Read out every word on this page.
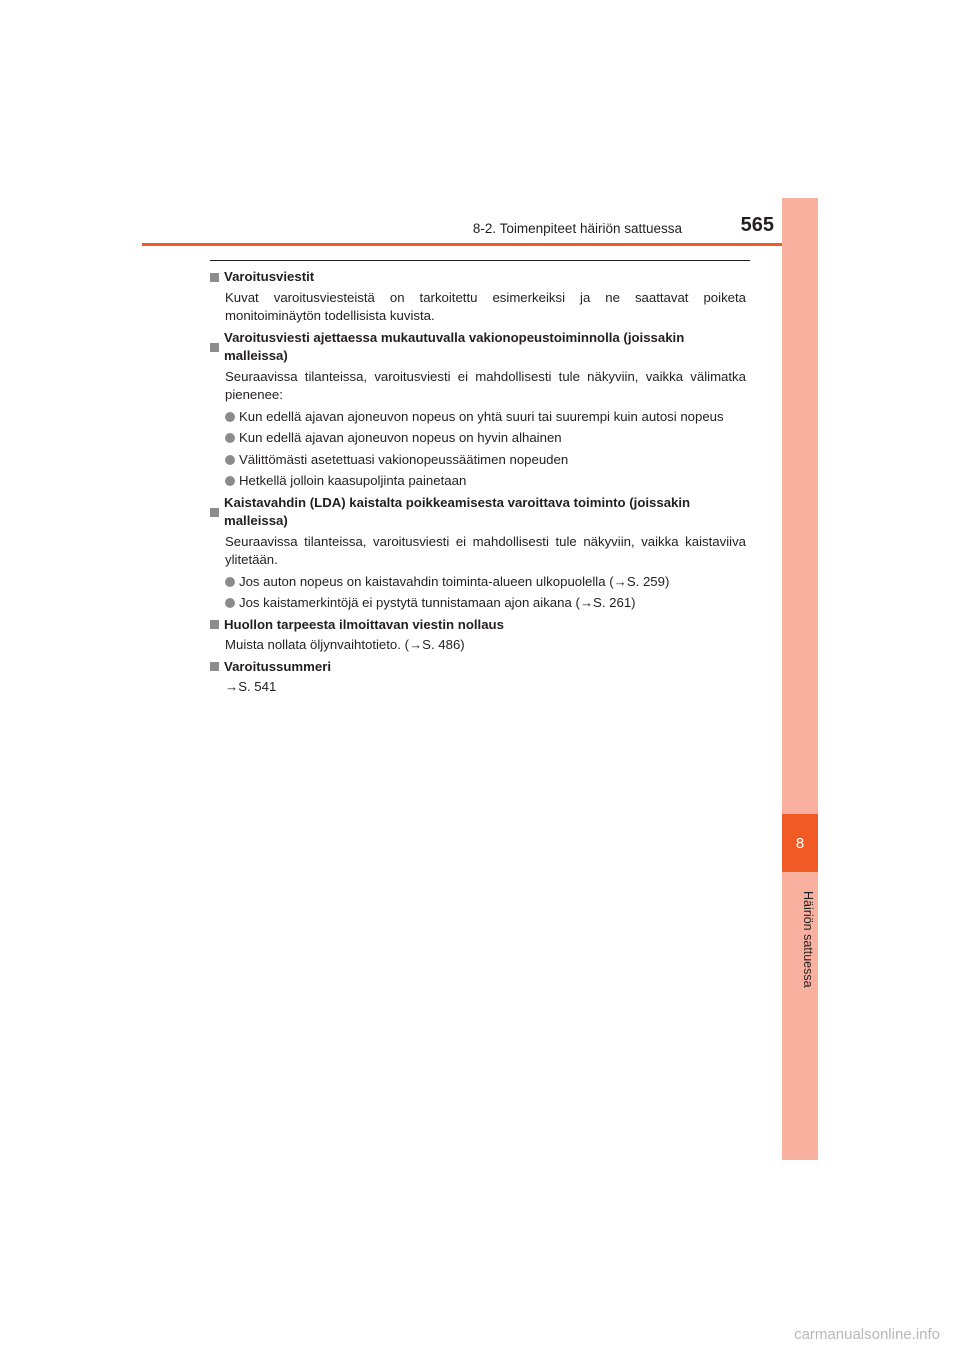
8-2. Toimenpiteet häiriön sattuessa	565
8
Häiriön sattuessa
Varoitusviestit
Kuvat varoitusviesteistä on tarkoitettu esimerkeiksi ja ne saattavat poiketa monitoiminäytön todellisista kuvista.
Varoitusviesti ajettaessa mukautuvalla vakionopeustoiminnolla (joissakin malleissa)
Seuraavissa tilanteissa, varoitusviesti ei mahdollisesti tule näkyviin, vaikka välimatka pienenee:
Kun edellä ajavan ajoneuvon nopeus on yhtä suuri tai suurempi kuin autosi nopeus
Kun edellä ajavan ajoneuvon nopeus on hyvin alhainen
Välittömästi asetettuasi vakionopeussäätimen nopeuden
Hetkellä jolloin kaasupoljinta painetaan
Kaistavahdin (LDA) kaistalta poikkeamisesta varoittava toiminto (joissakin malleissa)
Seuraavissa tilanteissa, varoitusviesti ei mahdollisesti tule näkyviin, vaikka kaistaviiva ylitetään.
Jos auton nopeus on kaistavahdin toiminta-alueen ulkopuolella (→S. 259)
Jos kaistamerkintöjä ei pystytä tunnistamaan ajon aikana (→S. 261)
Huollon tarpeesta ilmoittavan viestin nollaus
Muista nollata öljynvaihtotieto. (→S. 486)
Varoitussummeri
→S. 541
carmanualsonline.info
